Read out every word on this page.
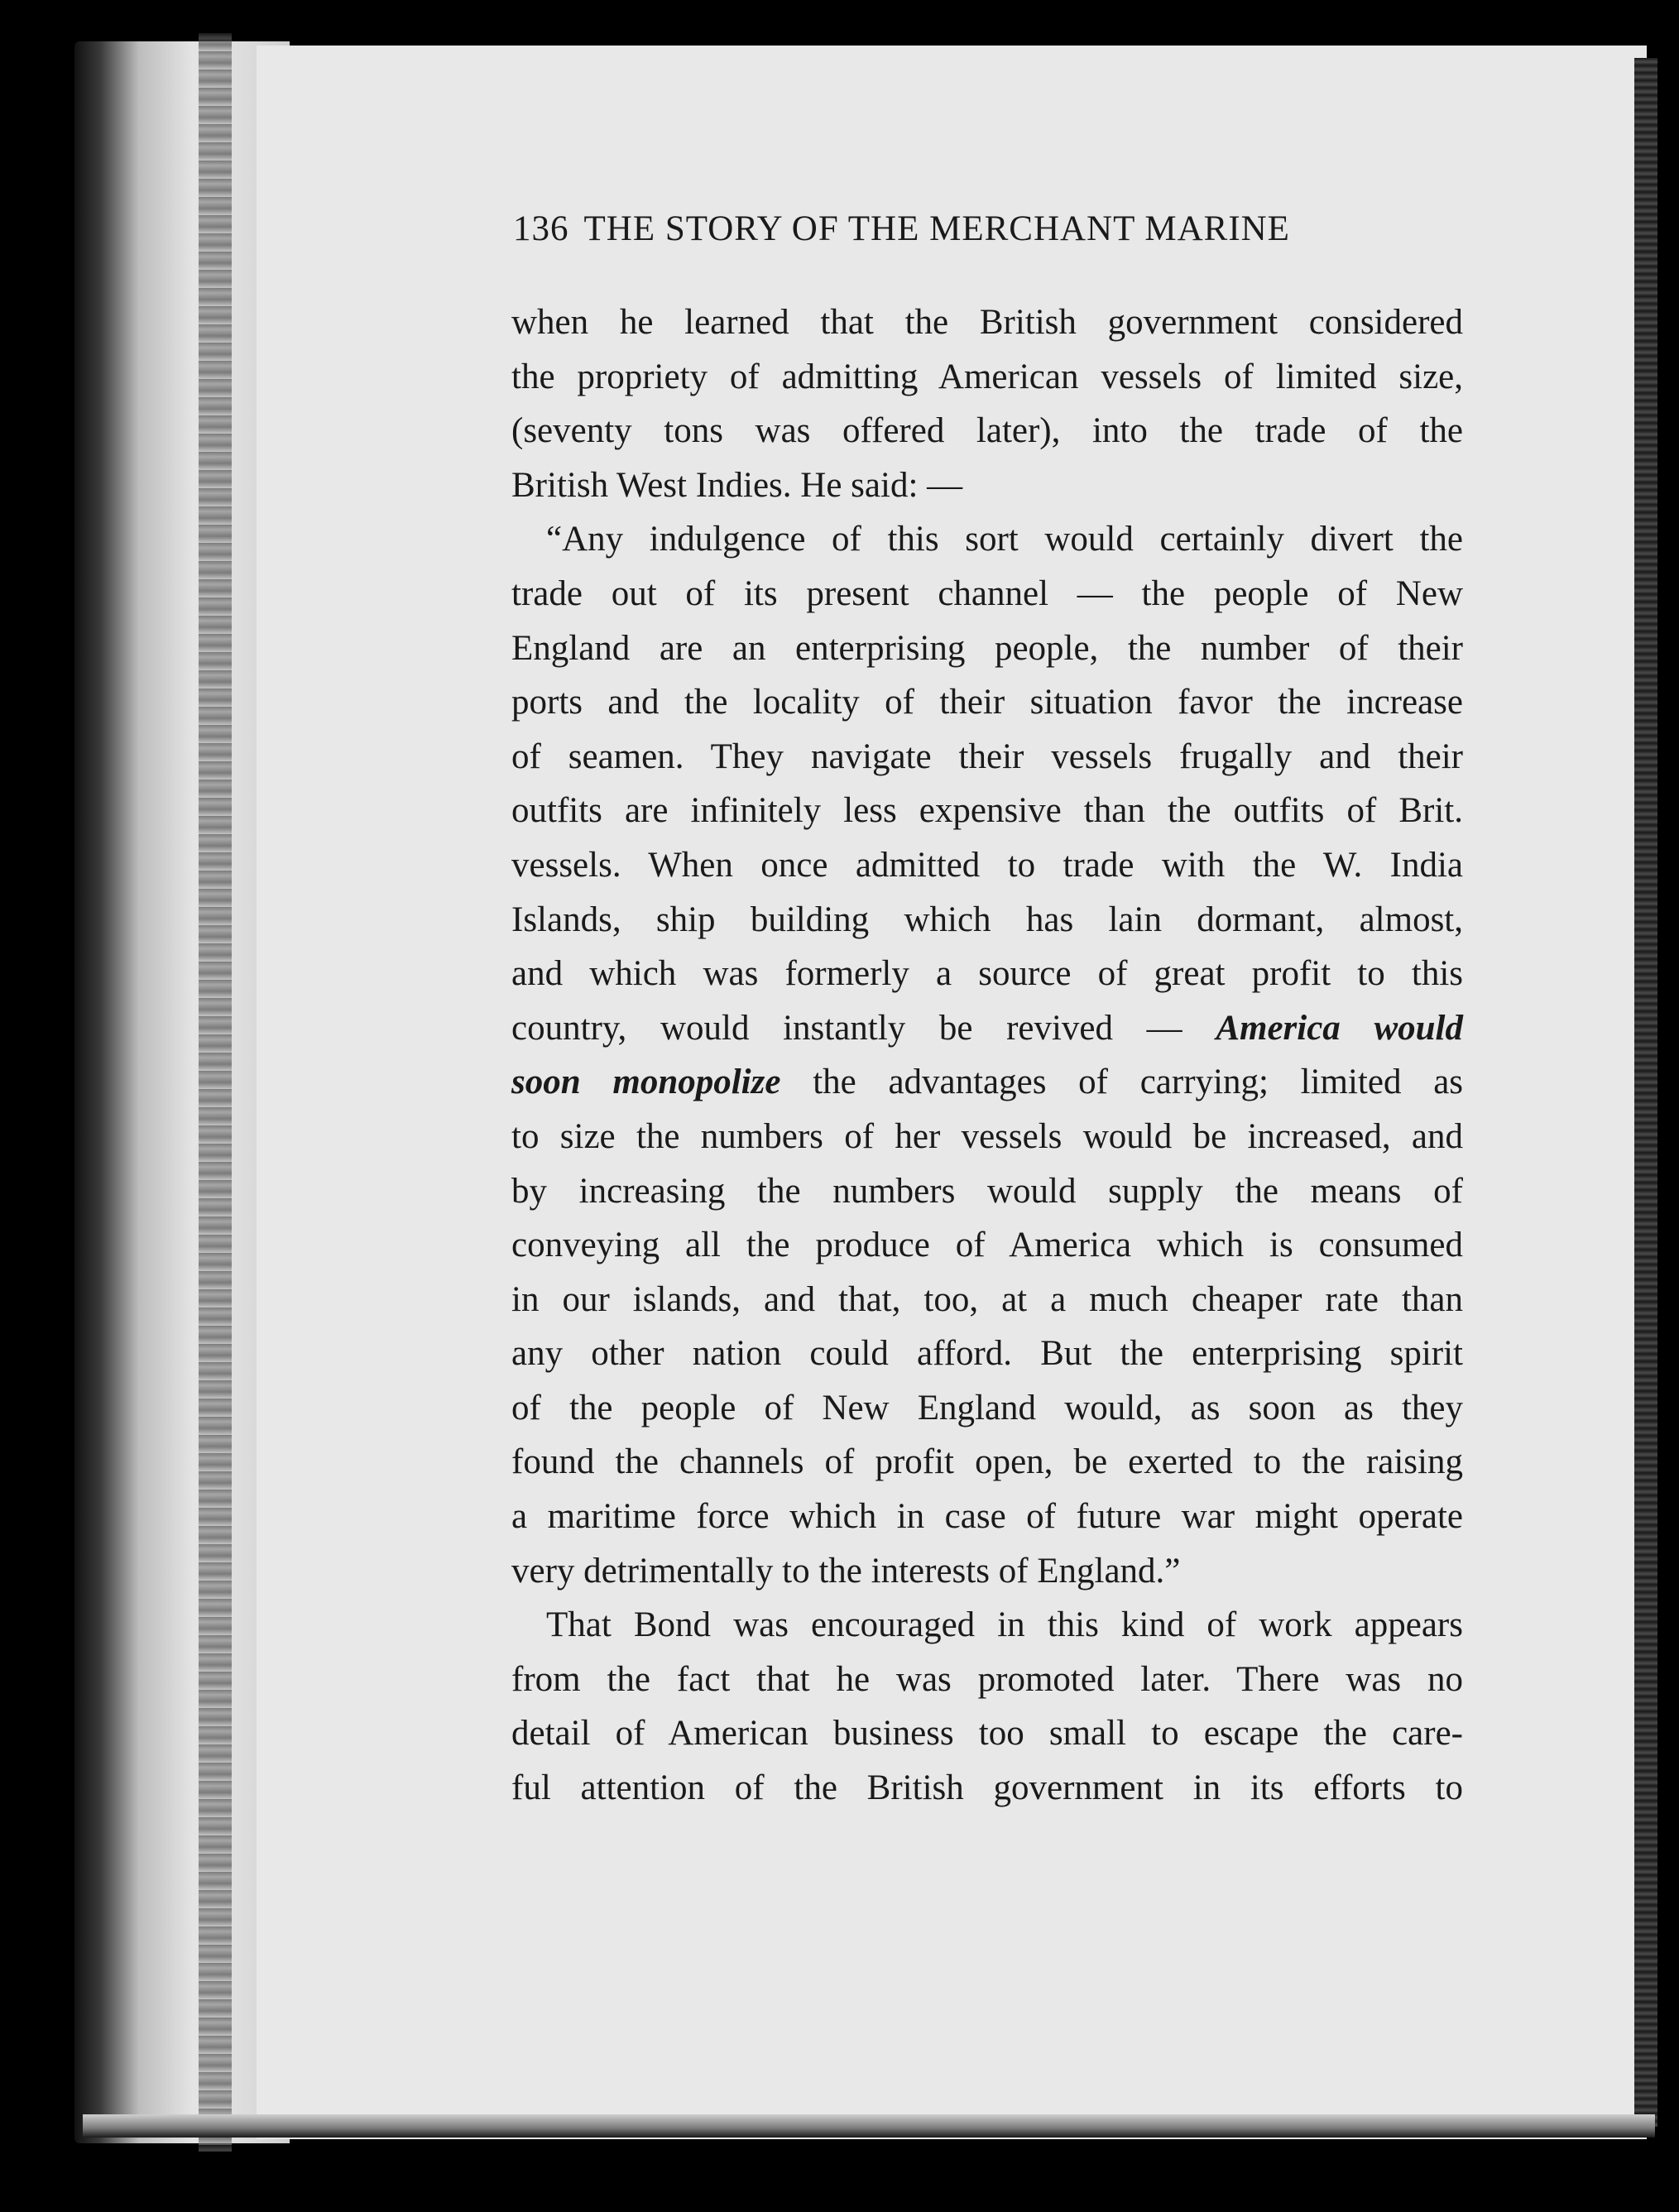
136 THE STORY OF THE MERCHANT MARINE
when he learned that the British government considered
the propriety of admitting American vessels of limited size,
(seventy tons was offered later), into the trade of the
British West Indies. He said: —
“Any indulgence of this sort would certainly divert the
trade out of its present channel — the people of New
England are an enterprising people, the number of their
ports and the locality of their situation favor the increase
of seamen. They navigate their vessels frugally and their
outfits are infinitely less expensive than the outfits of Brit.
vessels. When once admitted to trade with the W. India
Islands, ship building which has lain dormant, almost,
and which was formerly a source of great profit to this
country, would instantly be revived — America would
soon monopolize the advantages of carrying; limited as
to size the numbers of her vessels would be increased, and
by increasing the numbers would supply the means of
conveying all the produce of America which is consumed
in our islands, and that, too, at a much cheaper rate than
any other nation could afford. But the enterprising spirit
of the people of New England would, as soon as they
found the channels of profit open, be exerted to the raising
a maritime force which in case of future war might operate
very detrimentally to the interests of England.”
That Bond was encouraged in this kind of work appears
from the fact that he was promoted later. There was no
detail of American business too small to escape the care-
ful attention of the British government in its efforts to
